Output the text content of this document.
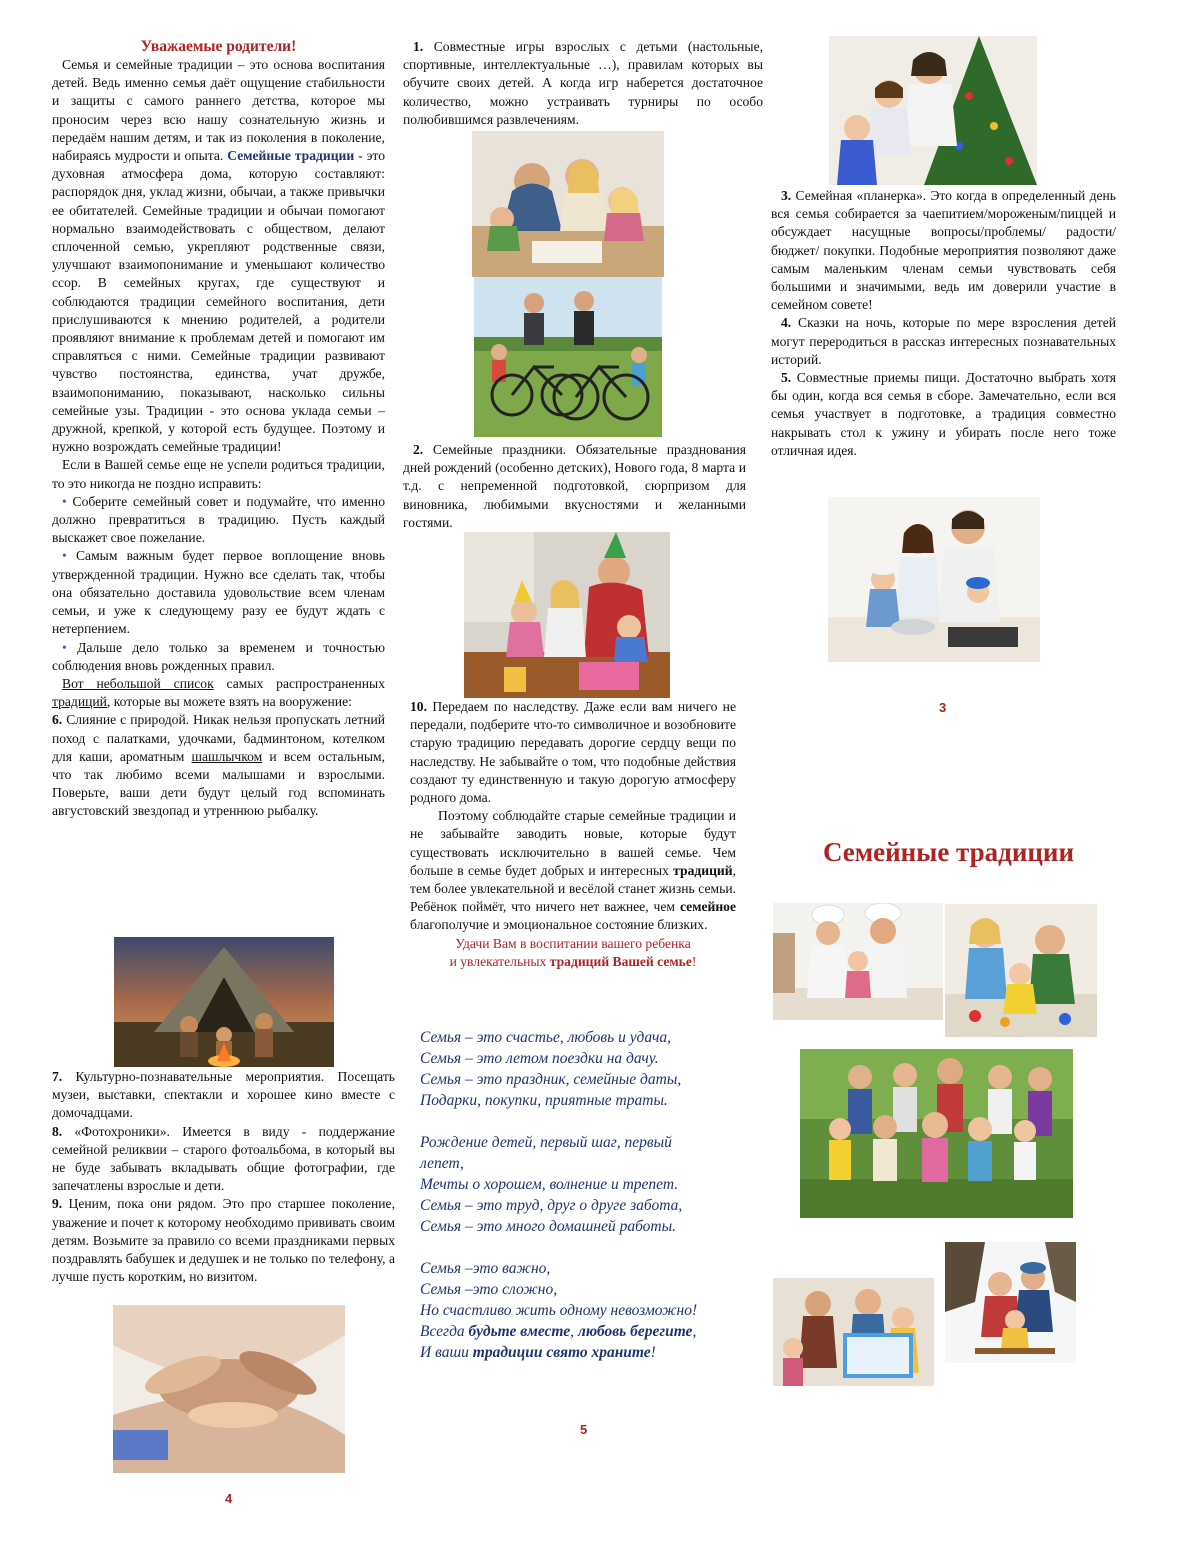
Уважаемые родители!

Семья и семейные традиции – это основа воспитания детей. Ведь именно семья даёт ощущение стабильности и защиты с самого раннего детства, которое мы проносим через всю нашу сознательную жизнь и передаём нашим детям, и так из поколения в поколение, набираясь мудрости и опыта. Семейные традиции - это духовная атмосфера дома, которую составляют: распорядок дня, уклад жизни, обычаи, а также привычки ее обитателей. Семейные традиции и обычаи помогают нормально взаимодействовать с обществом, делают сплоченной семью, укрепляют родственные связи, улучшают взаимопонимание и уменьшают количество ссор. В семейных кругах, где существуют и соблюдаются традиции семейного воспитания, дети прислушиваются к мнению родителей, а родители проявляют внимание к проблемам детей и помогают им справляться с ними. Семейные традиции развивают чувство постоянства, единства, учат дружбе, взаимопониманию, показывают, насколько сильны семейные узы. Традиции - это основа уклада семьи – дружной, крепкой, у которой есть будущее. Поэтому и нужно возрождать семейные традиции!

Если в Вашей семье еще не успели родиться традиции, то это никогда не поздно исправить:

• Соберите семейный совет и подумайте, что именно должно превратиться в традицию. Пусть каждый выскажет свое пожелание.

• Самым важным будет первое воплощение вновь утвержденной традиции. Нужно все сделать так, чтобы она обязательно доставила удовольствие всем членам семьи, и уже к следующему разу ее будут ждать с нетерпением.

• Дальше дело только за временем и точностью соблюдения вновь рожденных правил.

Вот небольшой список самых распространенных традиций, которые вы можете взять на вооружение:

6. Слияние с природой. Никак нельзя пропускать летний поход с палатками, удочками, бадминтоном, котелком для каши, ароматным шашлычком и всем остальным, что так любимо всеми малышами и взрослыми. Поверьте, ваши дети будут целый год вспоминать августовский звездопад и утреннюю рыбалку.

7. Культурно-познавательные мероприятия. Посещать музеи, выставки, спектакли и хорошее кино вместе с домочадцами.

8. «Фотохроники». Имеется в виду - поддержание семейной реликвии – старого фотоальбома, в который вы не буде забывать вкладывать общие фотографии, где запечатлены взрослые и дети.

9. Ценим, пока они рядом. Это про старшее поколение, уважение и почет к которому необходимо прививать своим детям. Возьмите за правило со всеми праздниками первых поздравлять бабушек и дедушек и не только по телефону, а лучше пусть коротким, но визитом.

4

1. Совместные игры взрослых с детьми (настольные, спортивные, интеллектуальные …), правилам которых вы обучите своих детей. А когда игр наберется достаточное количество, можно устраивать турниры по особо полюбившимся развлечениям.

2. Семейные праздники. Обязательные празднования дней рождений (особенно детских), Нового года, 8 марта и т.д. с непременной подготовкой, сюрпризом для виновника, любимыми вкусностями и желанными гостями.

10. Передаем по наследству. Даже если вам ничего не передали, подберите что-то символичное и возобновите старую традицию передавать дорогие сердцу вещи по наследству. Не забывайте о том, что подобные действия создают ту единственную и такую дорогую атмосферу родного дома.

Поэтому соблюдайте старые семейные традиции и не забывайте заводить новые, которые будут существовать исключительно в вашей семье. Чем больше в семье будет добрых и интересных традиций, тем более увлекательной и весёлой станет жизнь семьи. Ребёнок поймёт, что ничего нет важнее, чем семейное благополучие и эмоциональное состояние близких.

Удачи Вам в воспитании вашего ребенка
и увлекательных традиций Вашей семье!
Семья – это счастье, любовь и удача,
Семья – это летом поездки на дачу.
Семья – это праздник, семейные даты,
Подарки, покупки, приятные траты.

Рождение детей, первый шаг, первый
лепет,
Мечты о хорошем, волнение и трепет.
Семья – это труд, друг о друге забота,
Семья – это много домашней работы.

Семья –это важно,
Семья –это сложно,
Но счастливо жить одному невозможно!
Всегда будьте вместе, любовь берегите,
И ваши традиции свято храните!
5

3. Семейная «планерка». Это когда в определенный день вся семья собирается за чаепитием/мороженым/пиццей и обсуждает насущные вопросы/проблемы/ радости/ бюджет/ покупки. Подобные мероприятия позволяют даже самым маленьким членам семьи чувствовать себя большими и значимыми, ведь им доверили участие в семейном совете!

4. Сказки на ночь, которые по мере взросления детей могут переродиться в рассказ интересных познавательных историй.

5. Совместные приемы пищи. Достаточно выбрать хотя бы один, когда вся семья в сборе. Замечательно, если вся семья участвует в подготовке, а традиция совместно накрывать стол к ужину и убирать после него тоже отличная идея.

3
Семейные традиции
